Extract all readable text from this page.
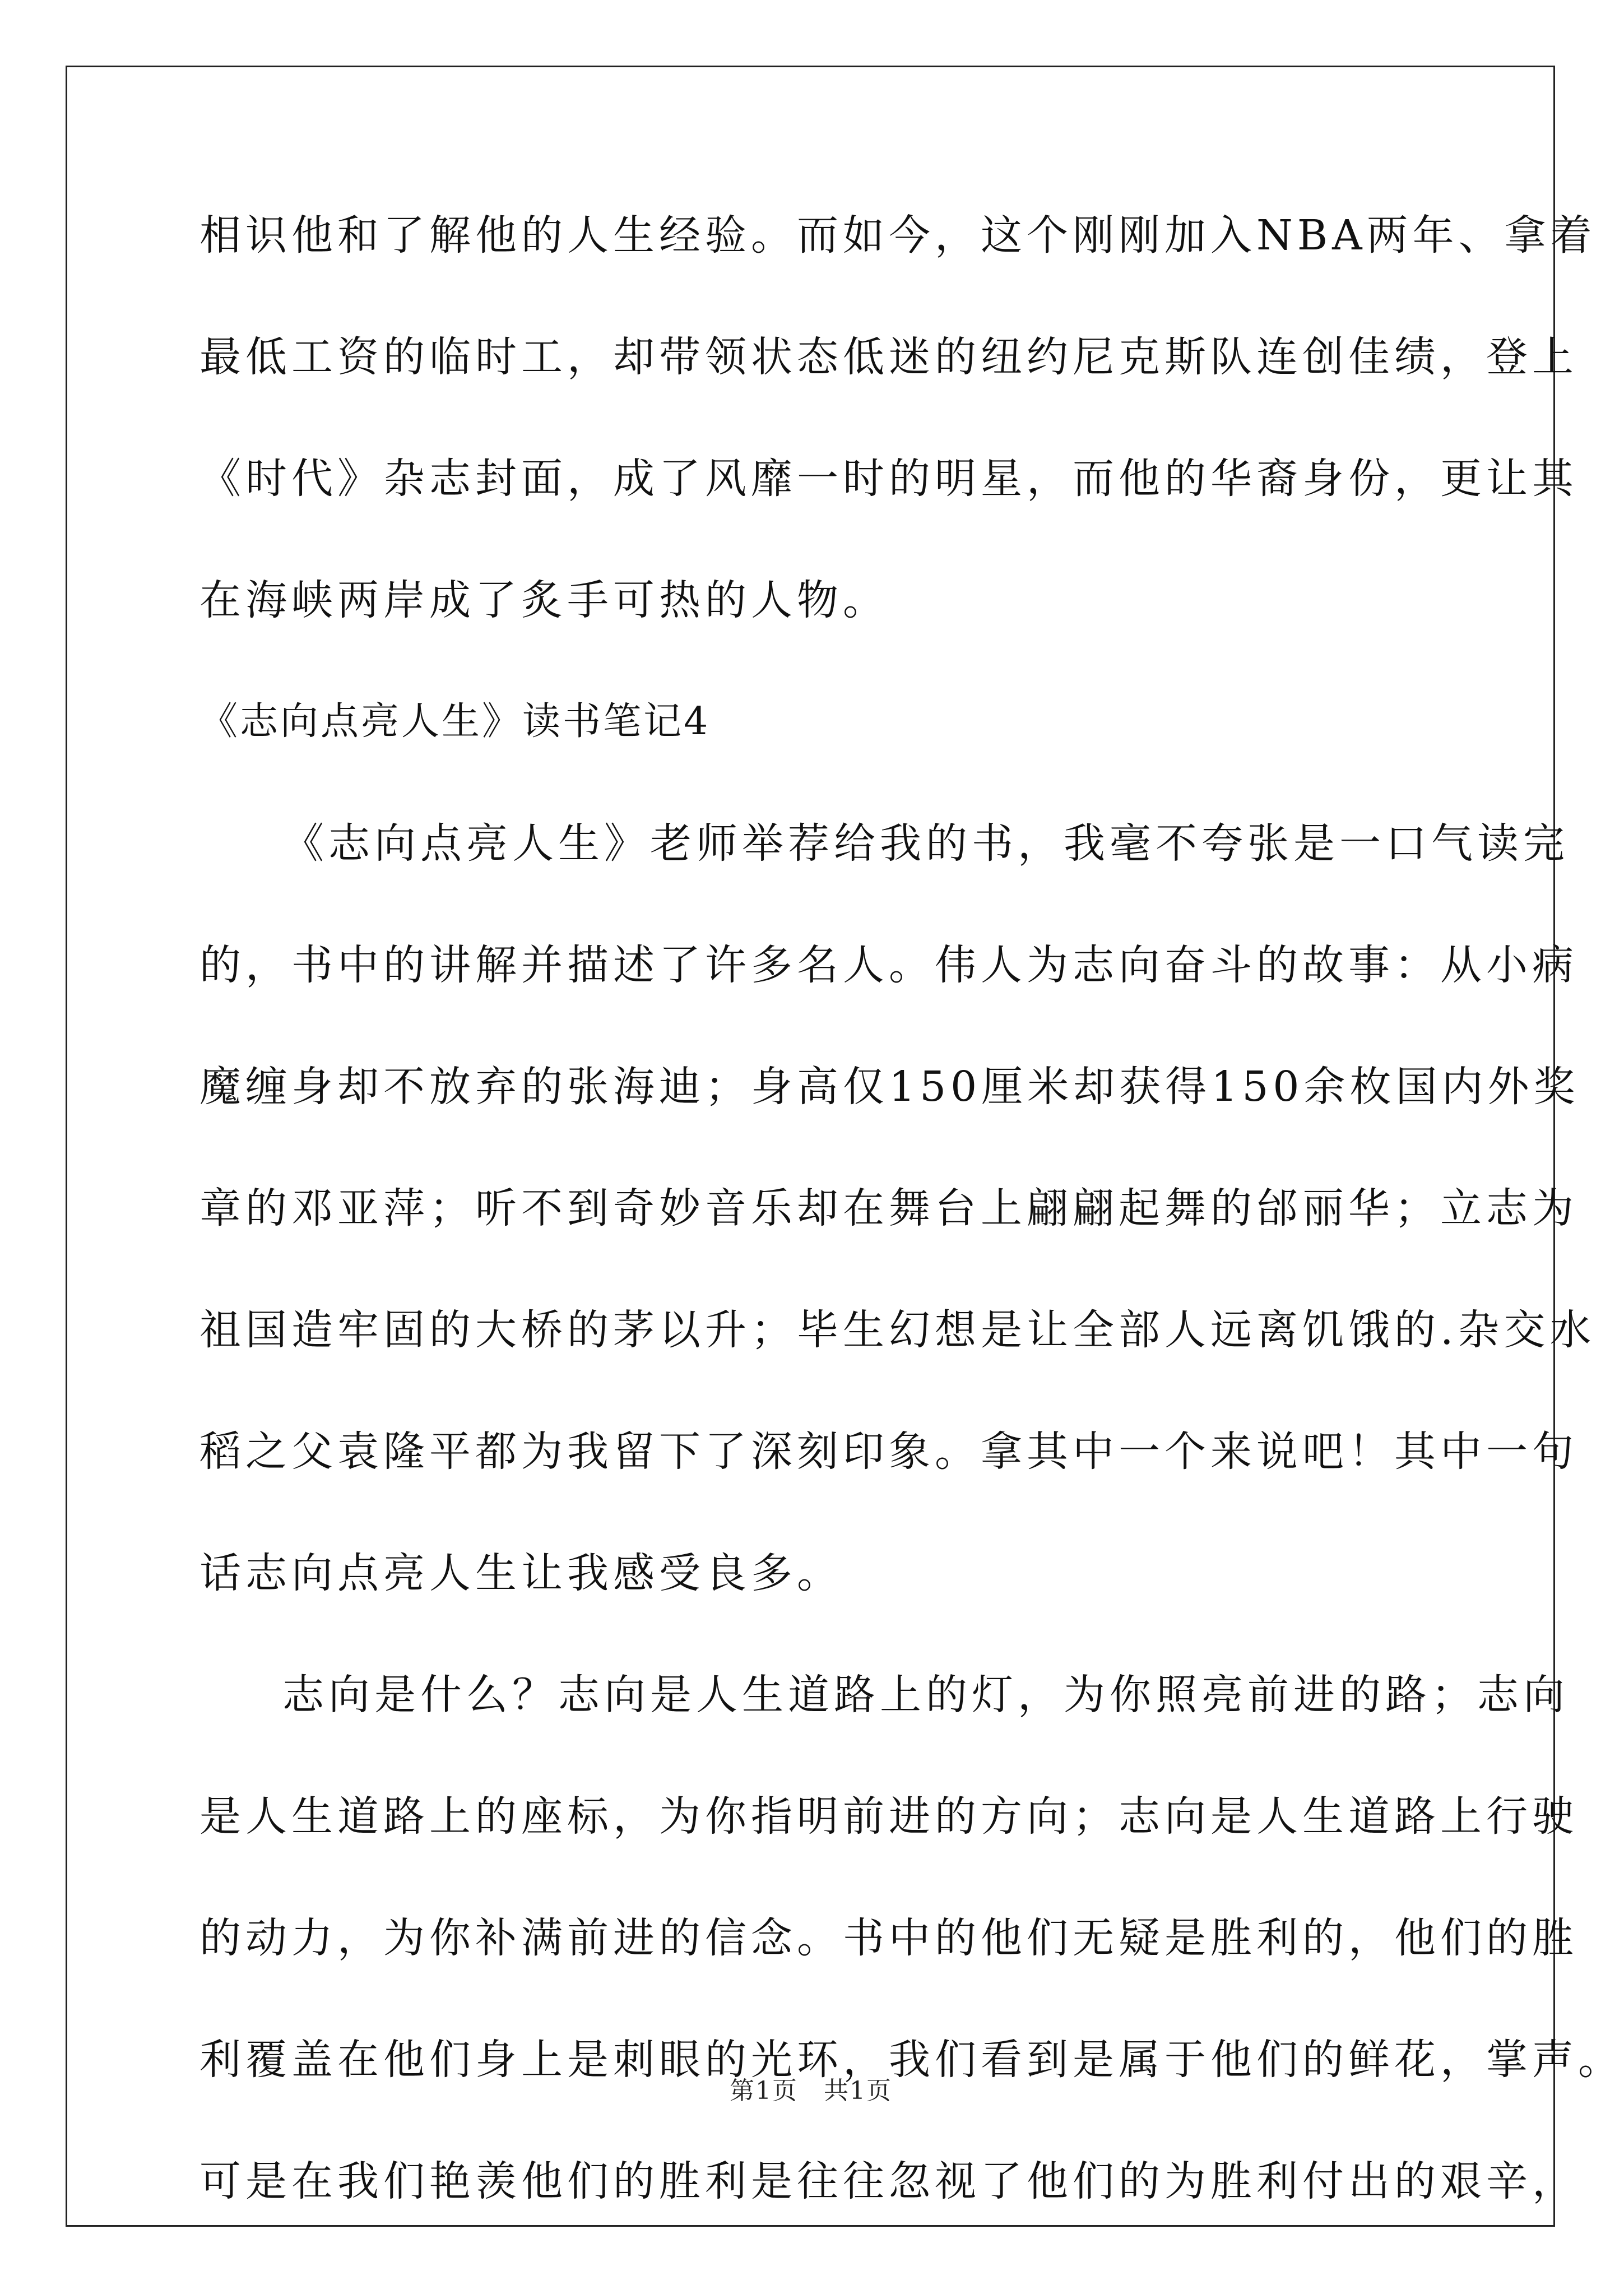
相识他和了解他的人生经验。而如今，这个刚刚加入NBA两年、拿着
最低工资的临时工，却带领状态低迷的纽约尼克斯队连创佳绩，登上
《时代》杂志封面，成了风靡一时的明星，而他的华裔身份，更让其
在海峡两岸成了炙手可热的人物。
《志向点亮人生》读书笔记4
《志向点亮人生》老师举荐给我的书，我毫不夸张是一口气读完
的，书中的讲解并描述了许多名人。伟人为志向奋斗的故事：从小病
魔缠身却不放弃的张海迪；身高仅150厘米却获得150余枚国内外奖
章的邓亚萍；听不到奇妙音乐却在舞台上翩翩起舞的邰丽华；立志为
祖国造牢固的大桥的茅以升；毕生幻想是让全部人远离饥饿的.杂交水
稻之父袁隆平都为我留下了深刻印象。拿其中一个来说吧！其中一句
话志向点亮人生让我感受良多。
志向是什么？志向是人生道路上的灯，为你照亮前进的路；志向
是人生道路上的座标，为你指明前进的方向；志向是人生道路上行驶
的动力，为你补满前进的信念。书中的他们无疑是胜利的，他们的胜
利覆盖在他们身上是刺眼的光环，我们看到是属于他们的鲜花，掌声。
可是在我们艳羡他们的胜利是往往忽视了他们的为胜利付出的艰辛，
第1页　共1页
